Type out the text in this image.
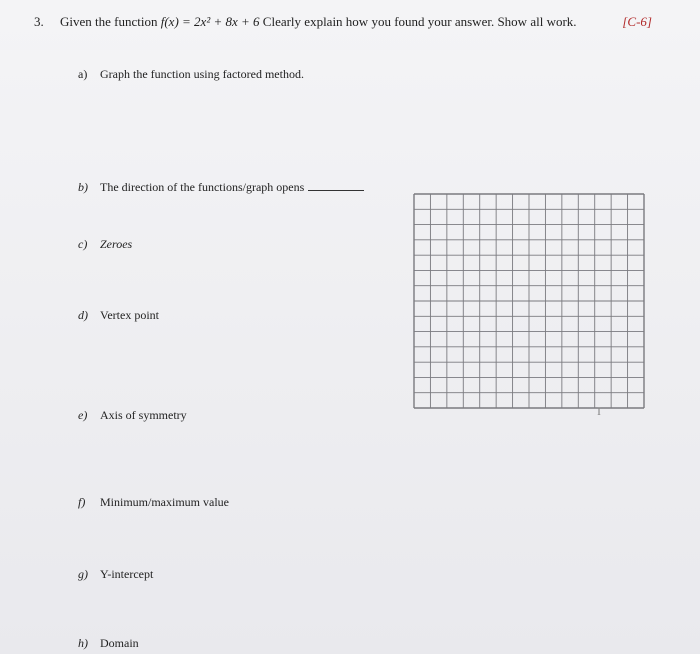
3. Given the function f(x) = 2x² + 8x + 6 Clearly explain how you found your answer. Show all work.	[C-6]
a) Graph the function using factored method.
b) The direction of the functions/graph opens
c) Zeroes
d) Vertex point
e) Axis of symmetry
f) Minimum/maximum value
g) Y-intercept
h) Domain
I
